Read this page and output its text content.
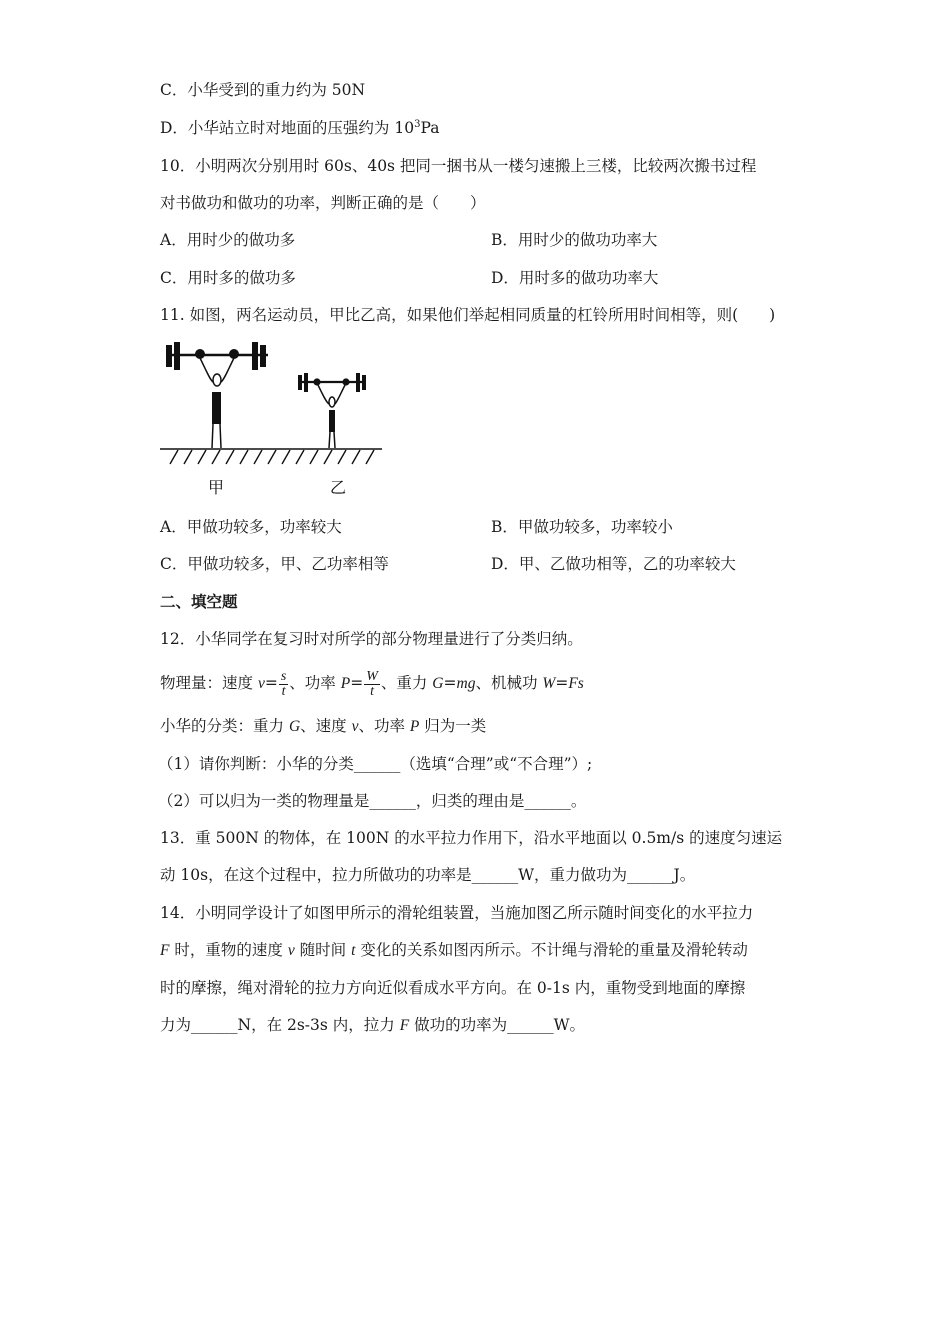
C．小华受到的重力约为 50N
D．小华站立时对地面的压强约为 $10^3Pa$
10．小明两次分别用时 60s、40s 把同一捆书从一楼匀速搬上三楼，比较两次搬书过程
对书做功和做功的功率，判断正确的是（　　）
A．用时少的做功多	B．用时少的做功功率大
C．用时多的做功多	D．用时多的做功功率大
11. 如图，两名运动员，甲比乙高，如果他们举起相同质量的杠铃所用时间相等，则(　　)
甲	乙
A．甲做功较多，功率较大	B．甲做功较多，功率较小
C．甲做功较多，甲、乙功率相等	D．甲、乙做功相等，乙的功率较大
二、填空题
12．小华同学在复习时对所学的部分物理量进行了分类归纳。
物理量：速度 $v= \frac{s}{t}$ 、功率 $P= \frac{W}{t}$ 、重力 G=mg、机械功 W=Fs
小华的分类：重力 G、速度 v、功率 P 归为一类
（1）请你判断：小华的分类______（选填“合理”或“不合理”）;
（2）可以归为一类的物理量是______，归类的理由是______。
13．重 500N 的物体，在 100N 的水平拉力作用下，沿水平地面以 0.5m/s 的速度匀速运
动 10s，在这个过程中，拉力所做功的功率是______W，重力做功为______J。
14．小明同学设计了如图甲所示的滑轮组装置，当施加图乙所示随时间变化的水平拉力
F 时，重物的速度 v 随时间 t 变化的关系如图丙所示。不计绳与滑轮的重量及滑轮转动
时的摩擦，绳对滑轮的拉力方向近似看成水平方向。在 0-1s 内，重物受到地面的摩擦
力为______N，在 2s-3s 内，拉力 F 做功的功率为______W。
